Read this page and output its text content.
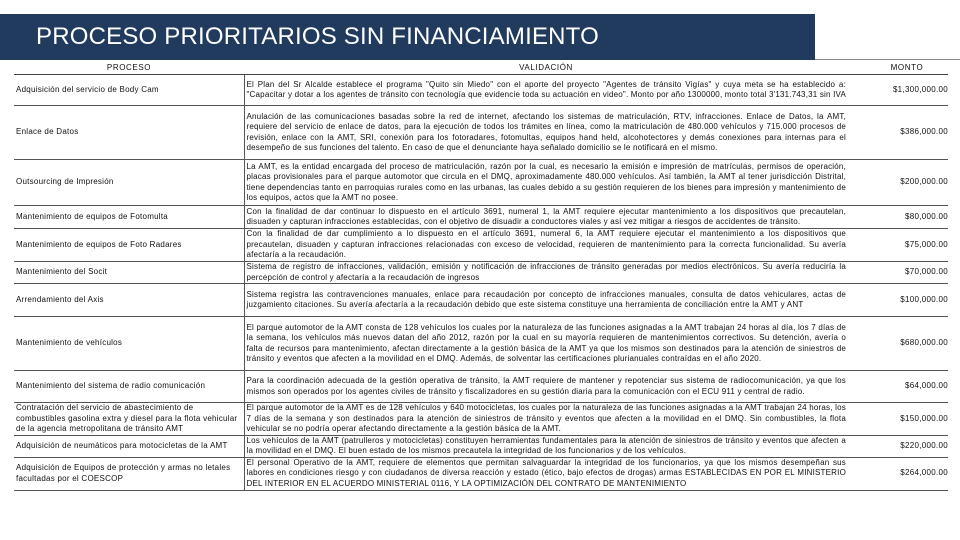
PROCESO PRIORITARIOS SIN FINANCIAMIENTO
PROCESO	VALIDACIÓN	MONTO
Adquisición del servicio de Body Cam	El Plan del Sr Alcalde establece el programa "Quito sin Miedo" con el aporte del proyecto "Agentes de tránsito Vigías" y cuya meta se ha establecido a: "Capacitar y dotar a los agentes de tránsito con tecnología que evidencie toda su actuación en video". Monto por año 1300000, monto total 3'131.743,31 sin IVA	$1,300,000.00
Enlace de Datos	Anulación de las comunicaciones basadas sobre la red de internet, afectando los sistemas de matriculación, RTV, infracciones. Enlace de Datos, la AMT, requiere del servicio de enlace de datos, para la ejecución de todos los trámites en línea, como la matriculación de 480.000 vehículos y 715.000 procesos de revisión, enlace con la AMT, SRI, conexión para los fotoradares, fotomultas, equipos hand held, alcohotectores y demás conexiones para internas para el desempeño de sus funciones del talento. En caso de que el denunciante haya señalado domicilio se le notificará en el mismo.	$386,000.00
Outsourcing de Impresión	La AMT, es la entidad encargada del proceso de matriculación, razón por la cual, es necesario la emisión e impresión de matrículas, permisos de operación, placas provisionales para el parque automotor que circula en el DMQ, aproximadamente 480.000 vehículos. Así también, la AMT al tener jurisdicción Distrital, tiene dependencias tanto en parroquias rurales como en las urbanas, las cuales debido a su gestión requieren de los bienes para impresión y mantenimiento de los equipos, actos que la AMT no posee.	$200,000.00
Mantenimiento de equipos de Fotomulta	Con la finalidad de dar continuar lo dispuesto en el artículo 3691, numeral 1, la AMT requiere ejecutar mantenimiento a los dispositivos que precautelan, disuaden y capturan infracciones establecidas, con el objetivo de disuadir a conductores viales y así vez mitigar a riesgos de accidentes de tránsito.	$80,000.00
Mantenimiento de equipos de Foto Radares	Con la finalidad de dar cumplimiento a lo dispuesto en el artículo 3691, numeral 6, la AMT requiere ejecutar el mantenimiento a los dispositivos que precautelan, disuaden y capturan infracciones relacionadas con exceso de velocidad, requieren de mantenimiento para la correcta funcionalidad. Su avería afectaría a la recaudación.	$75,000.00
Mantenimiento del Socit	Sistema de registro de infracciones, validación, emisión y notificación de infracciones de tránsito generadas por medios electrónicos. Su avería reduciría la percepción de control y afectaría a la recaudación de ingresos	$70,000.00
Arrendamiento del Axis	Sistema registra las contravenciones manuales, enlace para recaudación por concepto de infracciones manuales, consulta de datos vehiculares, actas de juzgamiento citaciones. Su avería afectaría a la recaudación debido que este sistema constituye una herramienta de conciliación entre la AMT y ANT	$100,000.00
Mantenimiento de vehículos	El parque automotor de la AMT consta de 128 vehículos los cuales por la naturaleza de las funciones asignadas a la AMT trabajan 24 horas al día, los 7 días de la semana, los vehículos más nuevos datan del año 2012, razón por la cual en su mayoría requieren de mantenimientos correctivos. Su detención, avería o falta de recursos para mantenimiento, afectan directamente a la gestión básica de la AMT ya que los mismos son destinados para la atención de siniestros de tránsito y eventos que afecten a la movilidad en el DMQ. Además, de solventar las certificaciones plurianuales contraídas en el año 2020.	$680,000.00
Mantenimiento del sistema de radio comunicación	Para la coordinación adecuada de la gestión operativa de tránsito, la AMT requiere de mantener y repotenciar sus sistema de radiocomunicación, ya que los mismos son operados por los agentes civiles de tránsito y fiscalizadores en su gestión diaria para la comunicación con el ECU 911 y central de radio.	$64,000.00
Contratación del servicio de abastecimiento de combustibles gasolina extra y diesel para la flota vehicular de la agencia metropolitana de tránsito AMT	El parque automotor de la AMT es de 128 vehículos y 640 motocicletas, los cuales por la naturaleza de las funciones asignadas a la AMT trabajan 24 horas, los 7 días de la semana y son destinados para la atención de siniestros de tránsito y eventos que afecten a la movilidad en el DMQ. Sin combustibles, la flota vehicular se no podría operar afectando directamente a la gestión básica de la AMT.	$150,000.00
Adquisición de neumáticos para motocicletas de la AMT	Los vehículos de la AMT (patrulleros y motocicletas) constituyen herramientas fundamentales para la atención de siniestros de tránsito y eventos que afecten a la movilidad en el DMQ. El buen estado de los mismos precautela la integridad de los funcionarios y de los vehículos.	$220,000.00
Adquisición de Equipos de protección y armas no letales facultadas por el COESCOP	El personal Operativo de la AMT, requiere de elementos que permitan salvaguardar la integridad de los funcionarios, ya que los mismos desempeñan sus labores en condiciones riesgo y con ciudadanos de diversa reacción y estado (ético, bajo efectos de drogas) armas ESTABLECIDAS EN POR EL MINISTERIO DEL INTERIOR EN EL ACUERDO MINISTERIAL 0116, Y LA OPTIMIZACIÓN DEL CONTRATO DE MANTENIMIENTO	$264,000.00
